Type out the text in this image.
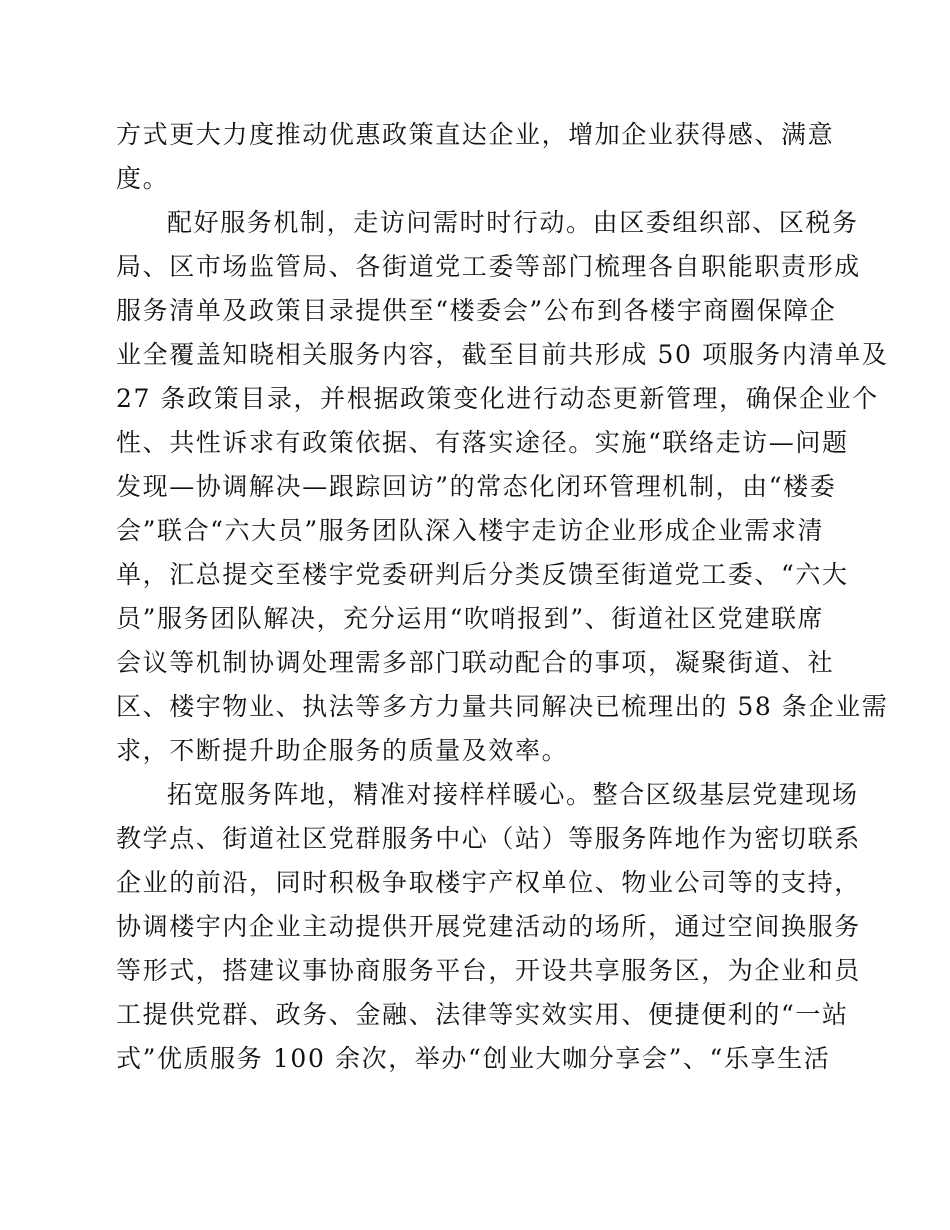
方式更大力度推动优惠政策直达企业，增加企业获得感、满意
度。
配好服务机制，走访问需时时行动。由区委组织部、区税务
局、区市场监管局、各街道党工委等部门梳理各自职能职责形成
服务清单及政策目录提供至“楼委会”公布到各楼宇商圈保障企
业全覆盖知晓相关服务内容，截至目前共形成 50 项服务内清单及
27 条政策目录，并根据政策变化进行动态更新管理，确保企业个
性、共性诉求有政策依据、有落实途径。实施“联络走访—问题
发现—协调解决—跟踪回访”的常态化闭环管理机制，由“楼委
会”联合“六大员”服务团队深入楼宇走访企业形成企业需求清
单，汇总提交至楼宇党委研判后分类反馈至街道党工委、“六大
员”服务团队解决，充分运用“吹哨报到”、街道社区党建联席
会议等机制协调处理需多部门联动配合的事项，凝聚街道、社
区、楼宇物业、执法等多方力量共同解决已梳理出的 58 条企业需
求，不断提升助企服务的质量及效率。
拓宽服务阵地，精准对接样样暖心。整合区级基层党建现场
教学点、街道社区党群服务中心（站）等服务阵地作为密切联系
企业的前沿，同时积极争取楼宇产权单位、物业公司等的支持，
协调楼宇内企业主动提供开展党建活动的场所，通过空间换服务
等形式，搭建议事协商服务平台，开设共享服务区，为企业和员
工提供党群、政务、金融、法律等实效实用、便捷便利的“一站
式”优质服务 100 余次，举办“创业大咖分享会”、“乐享生活
